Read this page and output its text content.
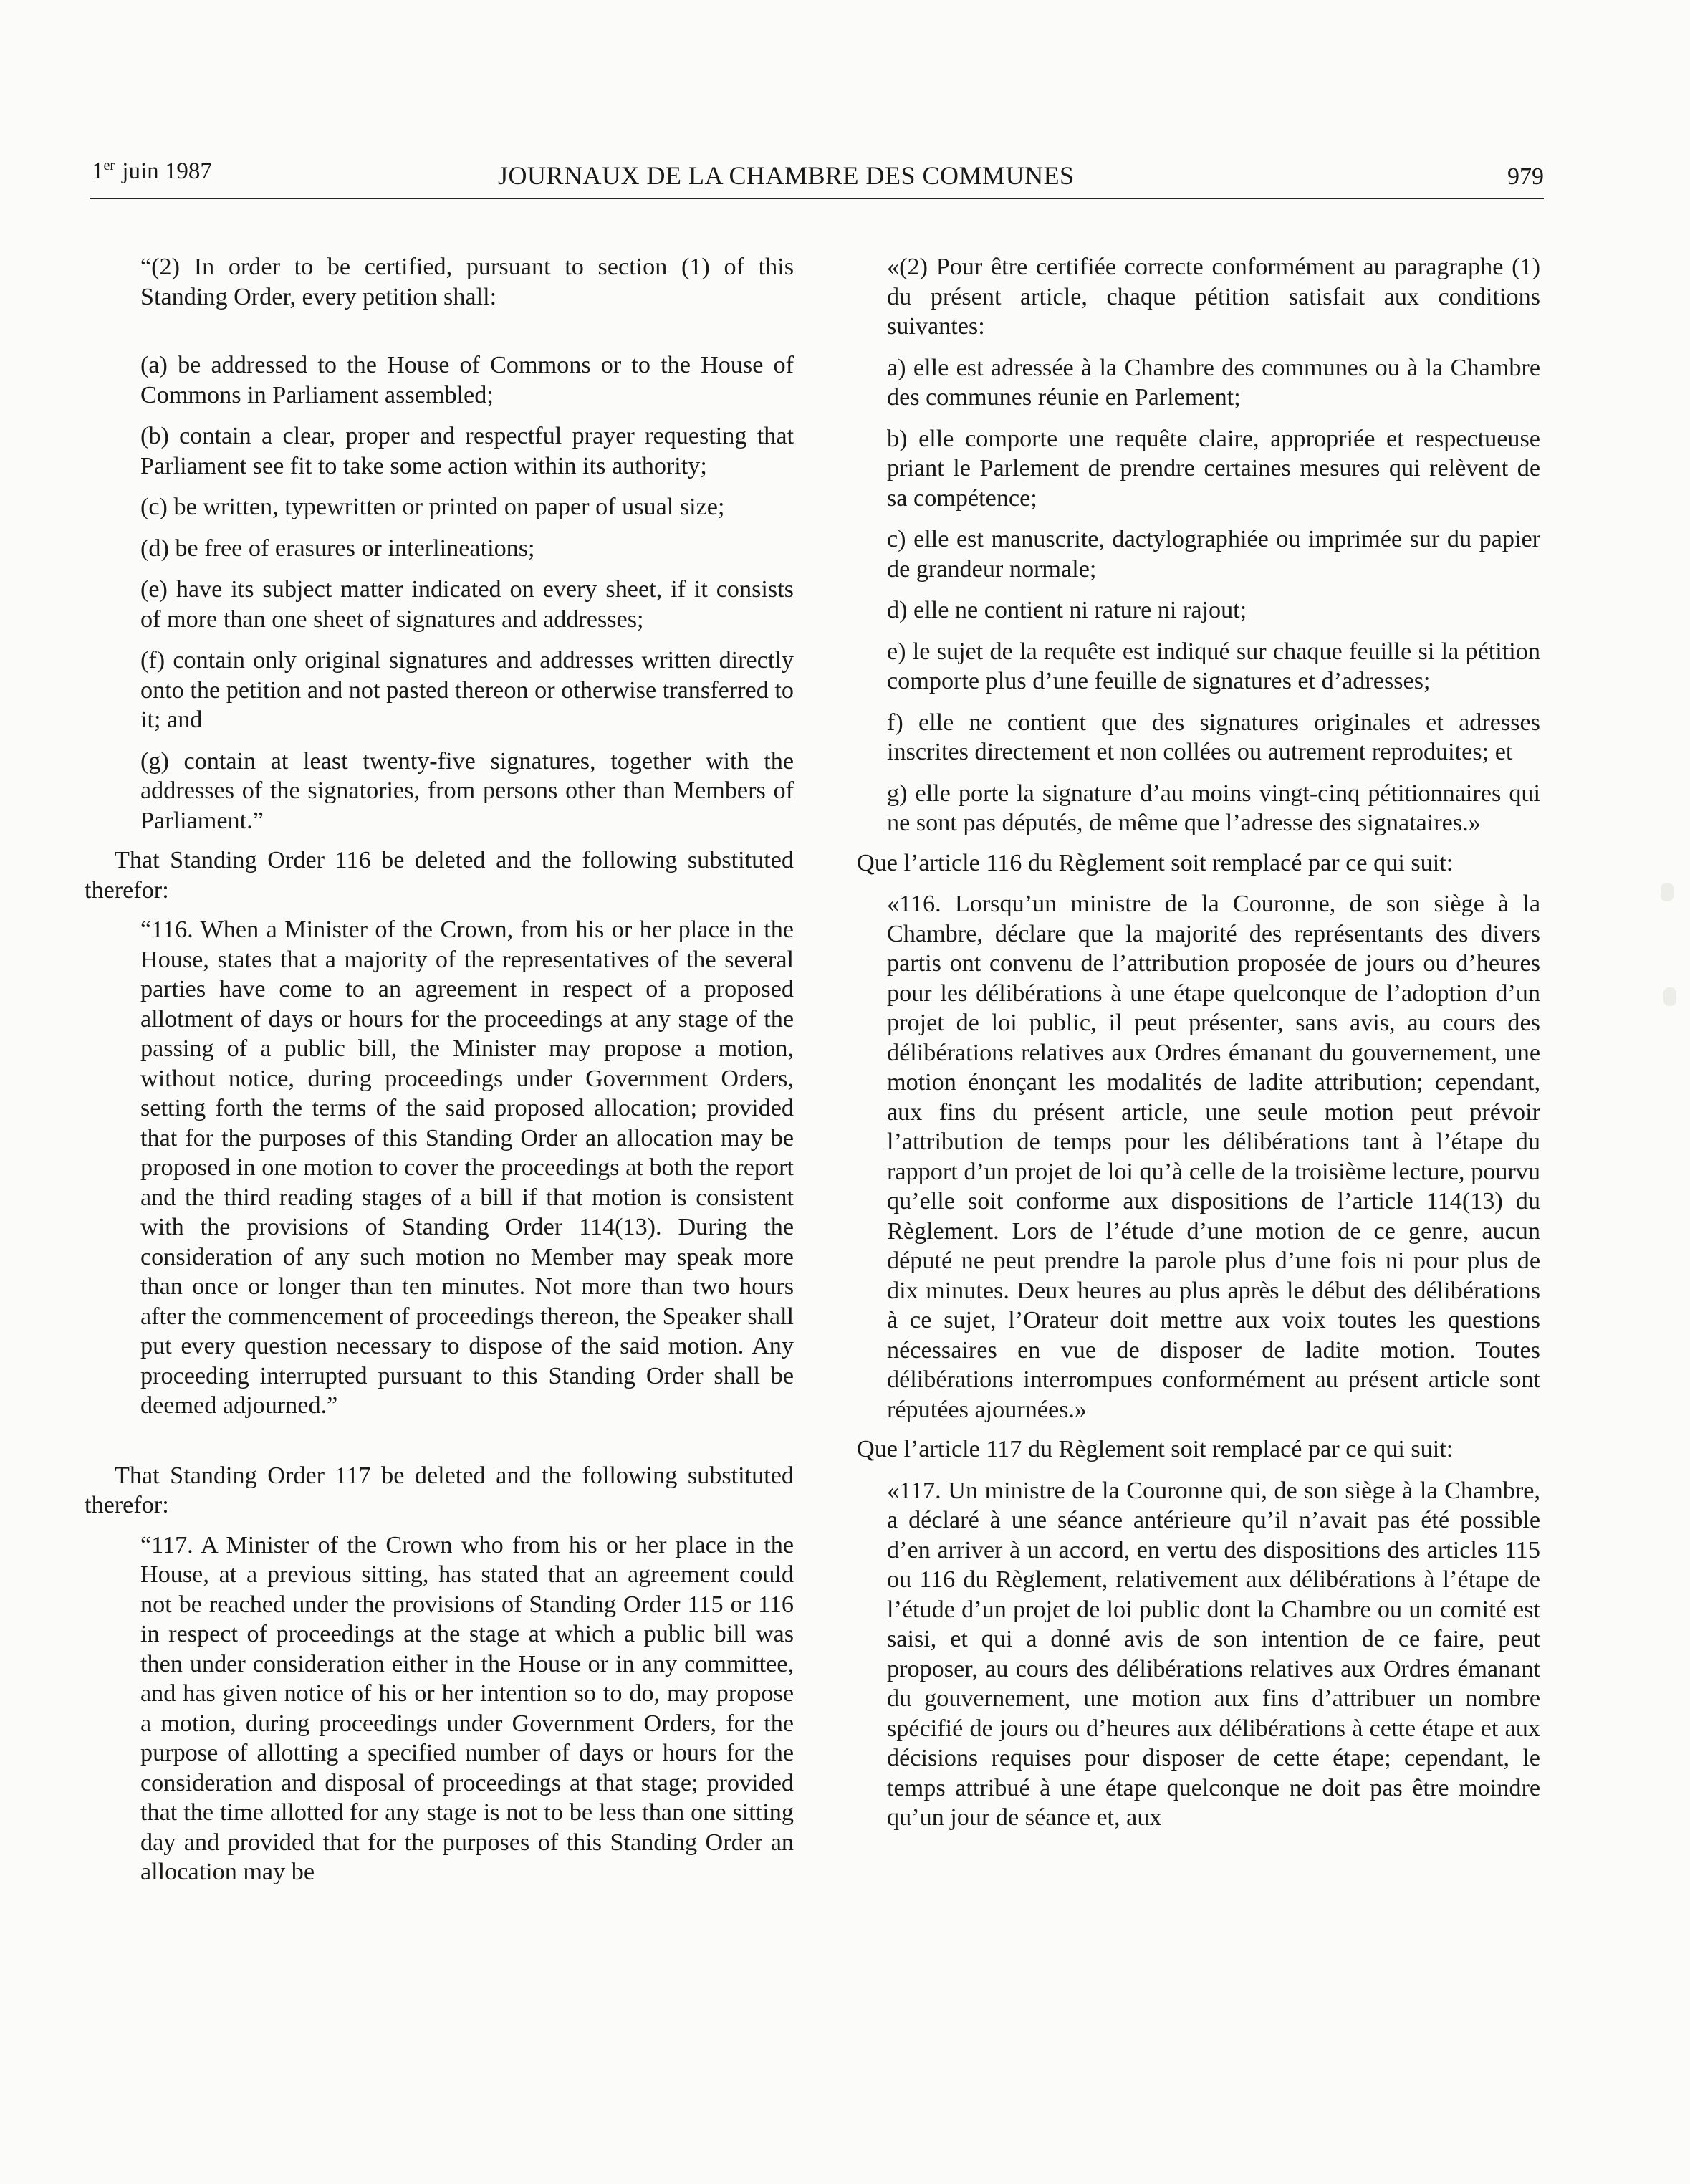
1er juin 1987	JOURNAUX DE LA CHAMBRE DES COMMUNES	979

“(2) In order to be certified, pursuant to section (1) of this Standing Order, every petition shall:

(a) be addressed to the House of Commons or to the House of Commons in Parliament assembled;

(b) contain a clear, proper and respectful prayer requesting that Parliament see fit to take some action within its authority;

(c) be written, typewritten or printed on paper of usual size;

(d) be free of erasures or interlineations;

(e) have its subject matter indicated on every sheet, if it consists of more than one sheet of signatures and addresses;

(f) contain only original signatures and addresses written directly onto the petition and not pasted thereon or otherwise transferred to it; and

(g) contain at least twenty-five signatures, together with the addresses of the signatories, from persons other than Members of Parliament.”

That Standing Order 116 be deleted and the following substituted therefor:

“116. When a Minister of the Crown, from his or her place in the House, states that a majority of the representatives of the several parties have come to an agreement in respect of a proposed allotment of days or hours for the proceedings at any stage of the passing of a public bill, the Minister may propose a motion, without notice, during proceedings under Government Orders, setting forth the terms of the said proposed allocation; provided that for the purposes of this Standing Order an allocation may be proposed in one motion to cover the proceedings at both the report and the third reading stages of a bill if that motion is consistent with the provisions of Standing Order 114(13). During the consideration of any such motion no Member may speak more than once or longer than ten minutes. Not more than two hours after the commencement of proceedings thereon, the Speaker shall put every question necessary to dispose of the said motion. Any proceeding interrupted pursuant to this Standing Order shall be deemed adjourned.”

That Standing Order 117 be deleted and the following substituted therefor:

“117. A Minister of the Crown who from his or her place in the House, at a previous sitting, has stated that an agreement could not be reached under the provisions of Standing Order 115 or 116 in respect of proceedings at the stage at which a public bill was then under consideration either in the House or in any committee, and has given notice of his or her intention so to do, may propose a motion, during proceedings under Government Orders, for the purpose of allotting a specified number of days or hours for the consideration and disposal of proceedings at that stage; provided that the time allotted for any stage is not to be less than one sitting day and provided that for the purposes of this Standing Order an allocation may be

«(2) Pour être certifiée correcte conformément au paragraphe (1) du présent article, chaque pétition satisfait aux conditions suivantes:

a) elle est adressée à la Chambre des communes ou à la Chambre des communes réunie en Parlement;

b) elle comporte une requête claire, appropriée et respectueuse priant le Parlement de prendre certaines mesures qui relèvent de sa compétence;

c) elle est manuscrite, dactylographiée ou imprimée sur du papier de grandeur normale;

d) elle ne contient ni rature ni rajout;

e) le sujet de la requête est indiqué sur chaque feuille si la pétition comporte plus d’une feuille de signatures et d’adresses;

f) elle ne contient que des signatures originales et adresses inscrites directement et non collées ou autrement reproduites; et

g) elle porte la signature d’au moins vingt-cinq pétitionnaires qui ne sont pas députés, de même que l’adresse des signataires.»

Que l’article 116 du Règlement soit remplacé par ce qui suit:

«116. Lorsqu’un ministre de la Couronne, de son siège à la Chambre, déclare que la majorité des représentants des divers partis ont convenu de l’attribution proposée de jours ou d’heures pour les délibérations à une étape quelconque de l’adoption d’un projet de loi public, il peut présenter, sans avis, au cours des délibérations relatives aux Ordres émanant du gouvernement, une motion énonçant les modalités de ladite attribution; cependant, aux fins du présent article, une seule motion peut prévoir l’attribution de temps pour les délibérations tant à l’étape du rapport d’un projet de loi qu’à celle de la troisième lecture, pourvu qu’elle soit conforme aux dispositions de l’article 114(13) du Règlement. Lors de l’étude d’une motion de ce genre, aucun député ne peut prendre la parole plus d’une fois ni pour plus de dix minutes. Deux heures au plus après le début des délibérations à ce sujet, l’Orateur doit mettre aux voix toutes les questions nécessaires en vue de disposer de ladite motion. Toutes délibérations interrompues conformément au présent article sont réputées ajournées.»

Que l’article 117 du Règlement soit remplacé par ce qui suit:

«117. Un ministre de la Couronne qui, de son siège à la Chambre, a déclaré à une séance antérieure qu’il n’avait pas été possible d’en arriver à un accord, en vertu des dispositions des articles 115 ou 116 du Règlement, relativement aux délibérations à l’étape de l’étude d’un projet de loi public dont la Chambre ou un comité est saisi, et qui a donné avis de son intention de ce faire, peut proposer, au cours des délibérations relatives aux Ordres émanant du gouvernement, une motion aux fins d’attribuer un nombre spécifié de jours ou d’heures aux délibérations à cette étape et aux décisions requises pour disposer de cette étape; cependant, le temps attribué à une étape quelconque ne doit pas être moindre qu’un jour de séance et, aux
